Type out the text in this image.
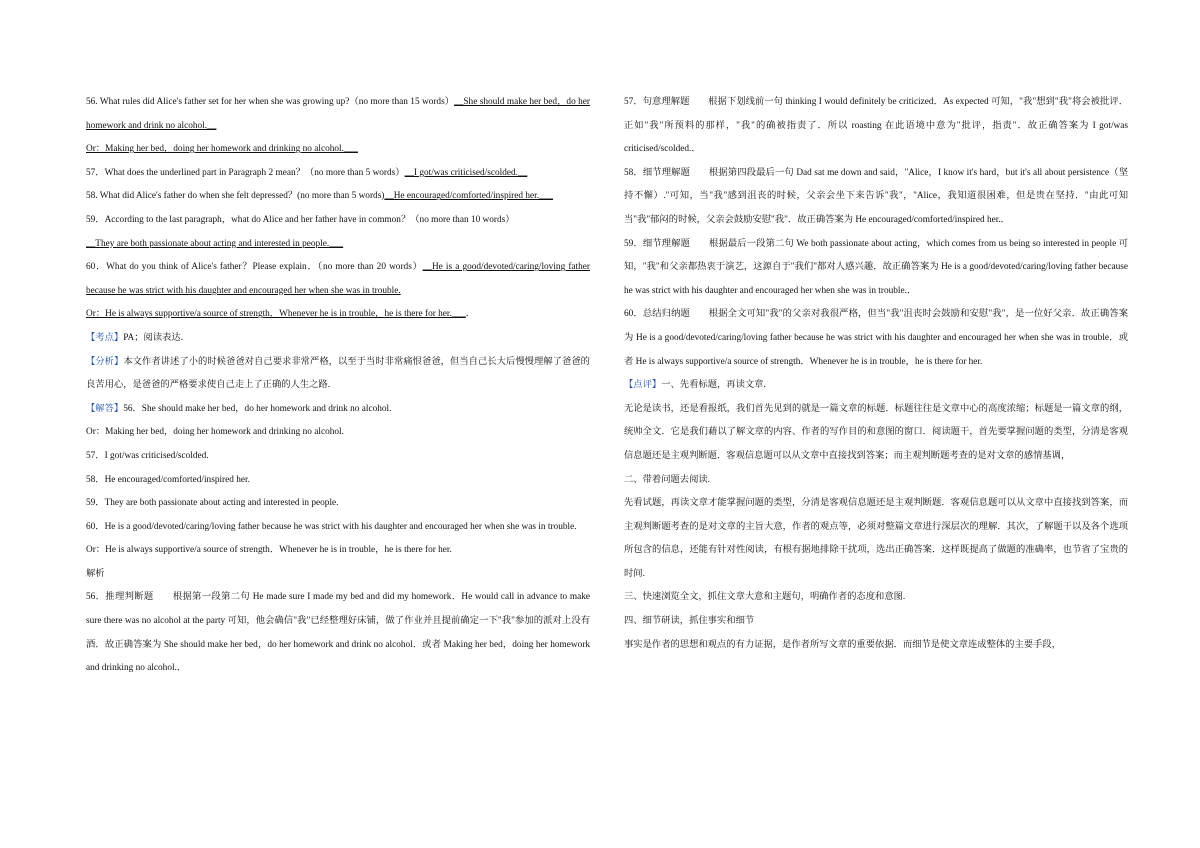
56. What rules did Alice's father set for her when she was growing up?（no more than 15 words）__She should make her bed，do her homework and drink no alcohol.__

Or：Making her bed，doing her homework and drinking no alcohol.___

57．What does the underlined part in Paragraph 2 mean？（no more than 5 words）__I got/was criticised/scolded.__

58. What did Alice's father do when she felt depressed？(no more than 5 words)__He encouraged/comforted/inspired her.___

59．According to the last paragraph，what do Alice and her father have in common？（no more than 10 words）

__They are both passionate about acting and interested in people.___

60．What do you think of Alice's father？Please explain．（no more than 20 words）__He is a good/devoted/caring/loving father because he was strict with his daughter and encouraged her when she was in trouble.

Or：He is always supportive/a source of strength．Whenever he is in trouble，he is there for her.___．

【考点】PA；阅读表达.

【分析】本文作者讲述了小的时候爸爸对自己要求非常严格，以至于当时非常痛恨爸爸，但当自己长大后慢慢理解了爸爸的良苦用心，是爸爸的严格要求使自己走上了正确的人生之路.

【解答】56．She should make her bed，do her homework and drink no alcohol.

Or：Making her bed，doing her homework and drinking no alcohol.

57．I got/was criticised/scolded.

58．He encouraged/comforted/inspired her.

59．They are both passionate about acting and interested in people.

60．He is a good/devoted/caring/loving father because he was strict with his daughter and encouraged her when she was in trouble.

Or：He is always supportive/a source of strength．Whenever he is in trouble，he is there for her.

解析

56．推理判断题　　根据第一段第二句 He made sure I made my bed and did my homework．He would call in advance to make sure there was no alcohol at the party 可知，他会确信"我"已经整理好床铺，做了作业并且提前确定一下"我"参加的派对上没有酒．故正确答案为 She should make her bed，do her homework and drink no alcohol．或者 Making her bed，doing her homework and drinking no alcohol.．

57．句意理解题　　根据下划线前一句 thinking I would definitely be criticized．As expected 可知，"我"想到"我"将会被批评．正如"我"所预料的那样，"我"的确被指责了．所以 roasting 在此语境中意为"批评，指责"．故正确答案为 I got/was criticised/scolded.．

58．细节理解题　　根据第四段最后一句 Dad sat me down and said，"Alice，I know it's hard，but it's all about persistence（坚持不懈）."可知，当"我"感到沮丧的时候，父亲会坐下来告诉"我"，"Alice，我知道很困难，但是贵在坚持．"由此可知当"我"郁闷的时候，父亲会鼓励安慰"我"．故正确答案为 He encouraged/comforted/inspired her.．

59．细节理解题　　根据最后一段第二句 We both passionate about acting，which comes from us being so interested in people 可知，"我"和父亲都热衷于演艺，这源自于"我们"都对人感兴趣．故正确答案为 He is a good/devoted/caring/loving father because he was strict with his daughter and encouraged her when she was in trouble.．

60．总结归纳题　　根据全文可知"我"的父亲对我很严格，但当"我"沮丧时会鼓励和安慰"我"，是一位好父亲．故正确答案为 He is a good/devoted/caring/loving father because he was strict with his daughter and encouraged her when she was in trouble．或者 He is always supportive/a source of strength．Whenever he is in trouble，he is there for her.

【点评】一、先看标题，再读文章.

无论是读书，还是看报纸，我们首先见到的就是一篇文章的标题．标题往往是文章中心的高度浓缩；标题是一篇文章的纲，统帅全文．它是我们藉以了解文章的内容、作者的写作目的和意图的窗口．阅读题干，首先要掌握问题的类型，分清是客观信息题还是主观判断题．客观信息题可以从文章中直接找到答案；而主观判断题考查的是对文章的感情基调，

二、带着问题去阅读.

先看试题，再读文章才能掌握问题的类型，分清是客观信息题还是主观判断题．客观信息题可以从文章中直接找到答案，而主观判断题考查的是对文章的主旨大意，作者的观点等，必须对整篇文章进行深层次的理解．其次，了解题干以及各个选项所包含的信息，还能有针对性阅读，有根有据地排除干扰项，选出正确答案．这样既提高了做题的准确率，也节省了宝贵的时间.

三、快速浏览全文，抓住文章大意和主题句，明确作者的态度和意图.

四、细节研读，抓住事实和细节

事实是作者的思想和观点的有力证据，是作者所写文章的重要依据．而细节是使文章连成整体的主要手段，
